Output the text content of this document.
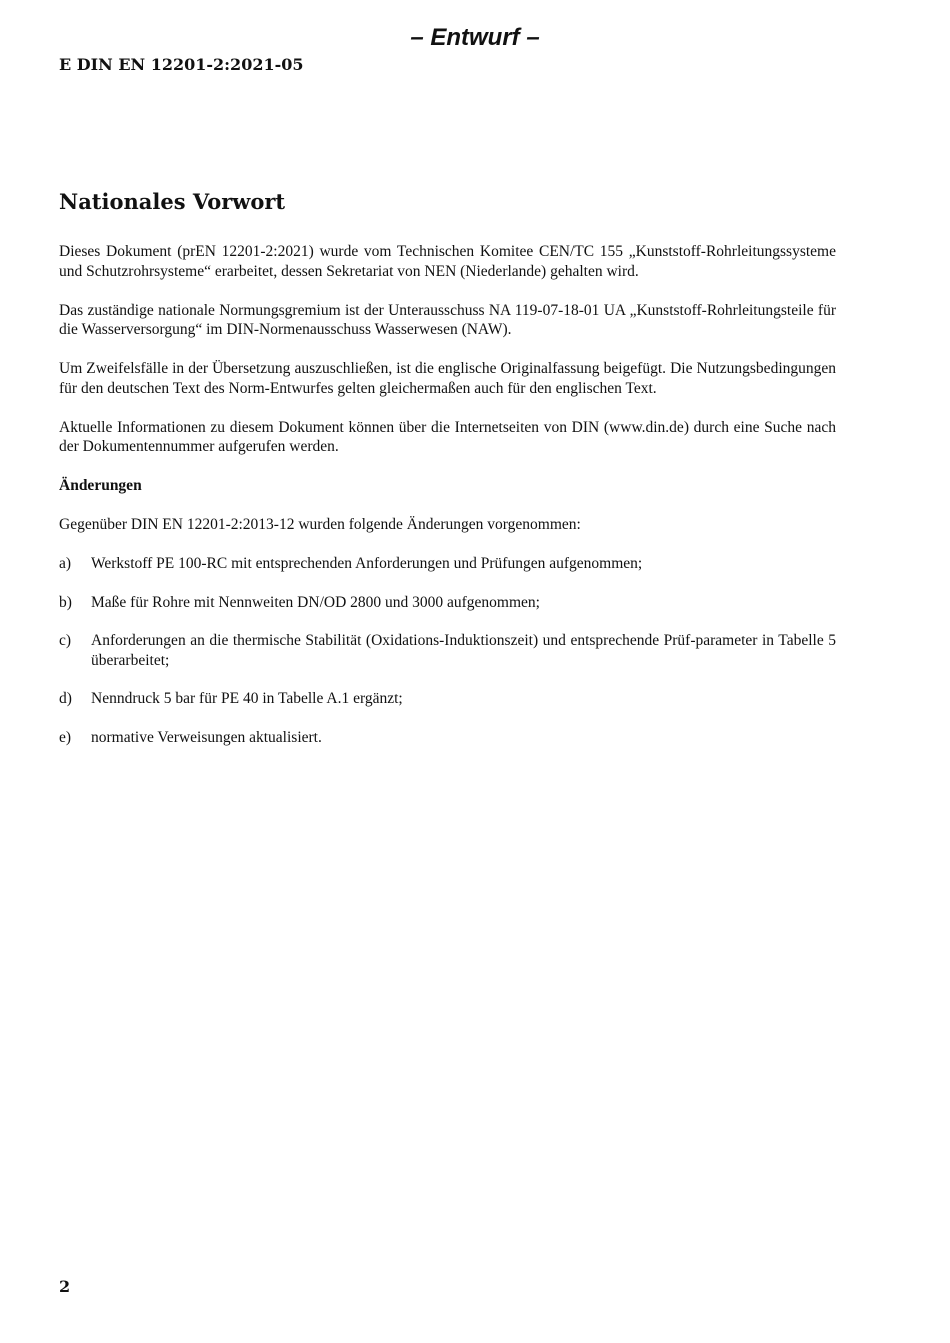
– Entwurf –
E DIN EN 12201-2:2021-05
Nationales Vorwort

Dieses Dokument (prEN 12201-2:2021) wurde vom Technischen Komitee CEN/TC 155 „Kunststoff-Rohrleitungssysteme und Schutzrohrsysteme“ erarbeitet, dessen Sekretariat von NEN (Niederlande) gehalten wird.

Das zuständige nationale Normungsgremium ist der Unterausschuss NA 119-07-18-01 UA „Kunststoff-Rohrleitungsteile für die Wasserversorgung“ im DIN-Normenausschuss Wasserwesen (NAW).

Um Zweifelsfälle in der Übersetzung auszuschließen, ist die englische Originalfassung beigefügt. Die Nutzungsbedingungen für den deutschen Text des Norm-Entwurfes gelten gleichermaßen auch für den englischen Text.

Aktuelle Informationen zu diesem Dokument können über die Internetseiten von DIN (www.din.de) durch eine Suche nach der Dokumentennummer aufgerufen werden.

Änderungen

Gegenüber DIN EN 12201-2:2013-12 wurden folgende Änderungen vorgenommen:

a)	Werkstoff PE 100-RC mit entsprechenden Anforderungen und Prüfungen aufgenommen;
b)	Maße für Rohre mit Nennweiten DN/OD 2800 und 3000 aufgenommen;
c)	Anforderungen an die thermische Stabilität (Oxidations-Induktionszeit) und entsprechende Prüf-parameter in Tabelle 5 überarbeitet;
d)	Nenndruck 5 bar für PE 40 in Tabelle A.1 ergänzt;
e)	normative Verweisungen aktualisiert.
2
